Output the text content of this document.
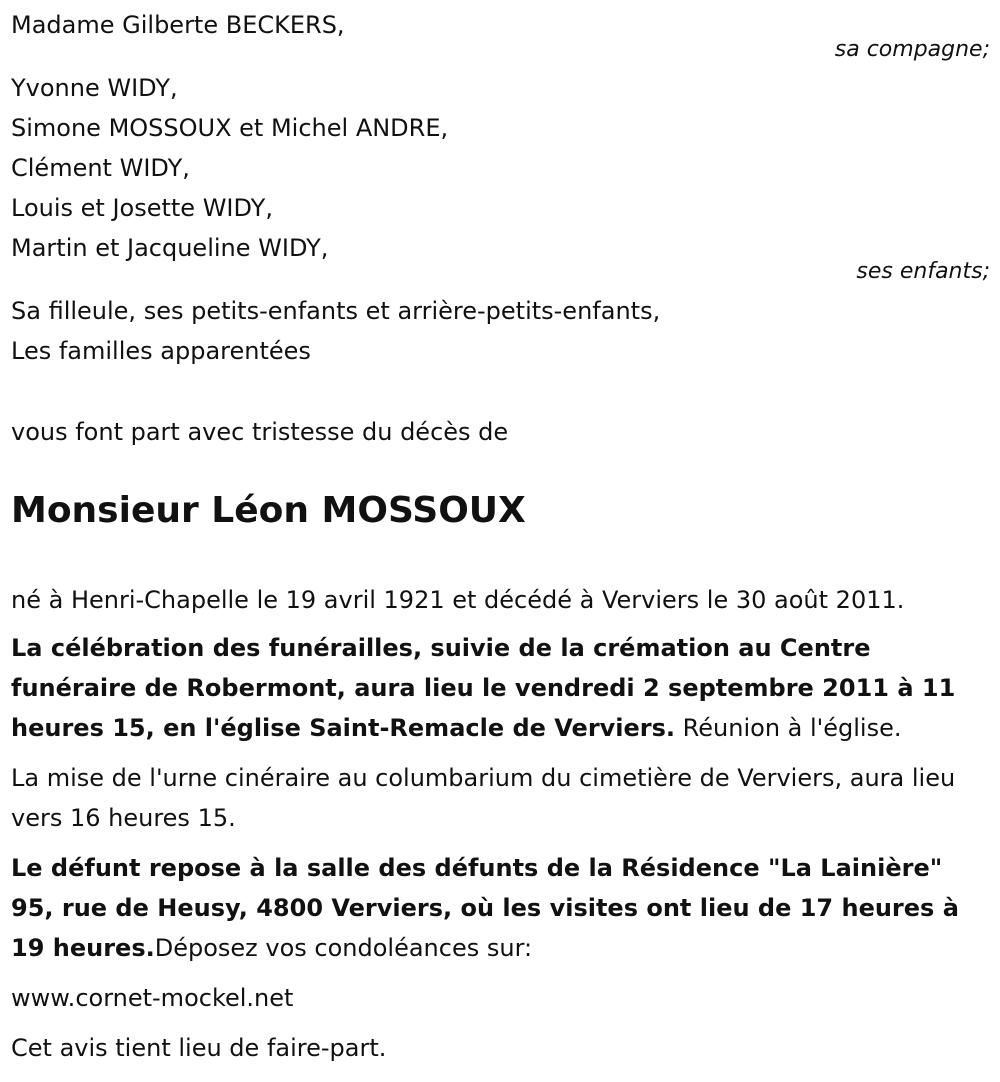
Madame Gilberte BECKERS,

sa compagne;

Yvonne WIDY,

Simone MOSSOUX et Michel ANDRE,

Clément WIDY,

Louis et Josette WIDY,

Martin et Jacqueline WIDY,

ses enfants;

Sa filleule, ses petits-enfants et arrière-petits-enfants,

Les familles apparentées

vous font part avec tristesse du décès de

Monsieur Léon MOSSOUX

né à Henri-Chapelle le 19 avril 1921 et décédé à Verviers le 30 août 2011.

La célébration des funérailles, suivie de la crémation au Centre funéraire de Robermont, aura lieu le vendredi 2 septembre 2011 à 11 heures 15, en l'église Saint-Remacle de Verviers. Réunion à l'église.

La mise de l'urne cinéraire au columbarium du cimetière de Verviers, aura lieu vers 16 heures 15.

Le défunt repose à la salle des défunts de la Résidence "La Lainière" 95, rue de Heusy, 4800 Verviers, où les visites ont lieu de 17 heures à 19 heures.Déposez vos condoléances sur:

www.cornet-mockel.net

Cet avis tient lieu de faire-part.
